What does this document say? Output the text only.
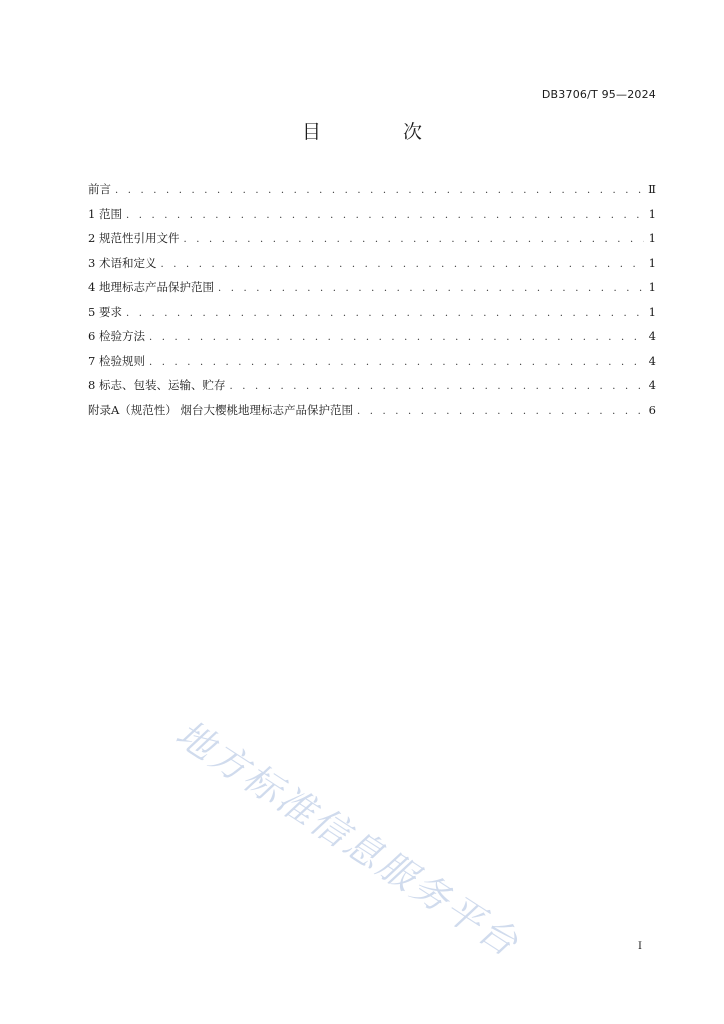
DB3706/T 95—2024
目 次
前言 . . .	Ⅱ
1 范围 . . .	1
2 规范性引用文件 . . .	1
3 术语和定义 . . .	1
4 地理标志产品保护范围 . . .	1
5 要求 . . .	1
6 检验方法 . . .	4
7 检验规则 . . .	4
8 标志、包装、运输、贮存 . . .	4
附录A（规范性） 烟台大樱桃地理标志产品保护范围 . . .	6
地方标准信息服务平台	I
